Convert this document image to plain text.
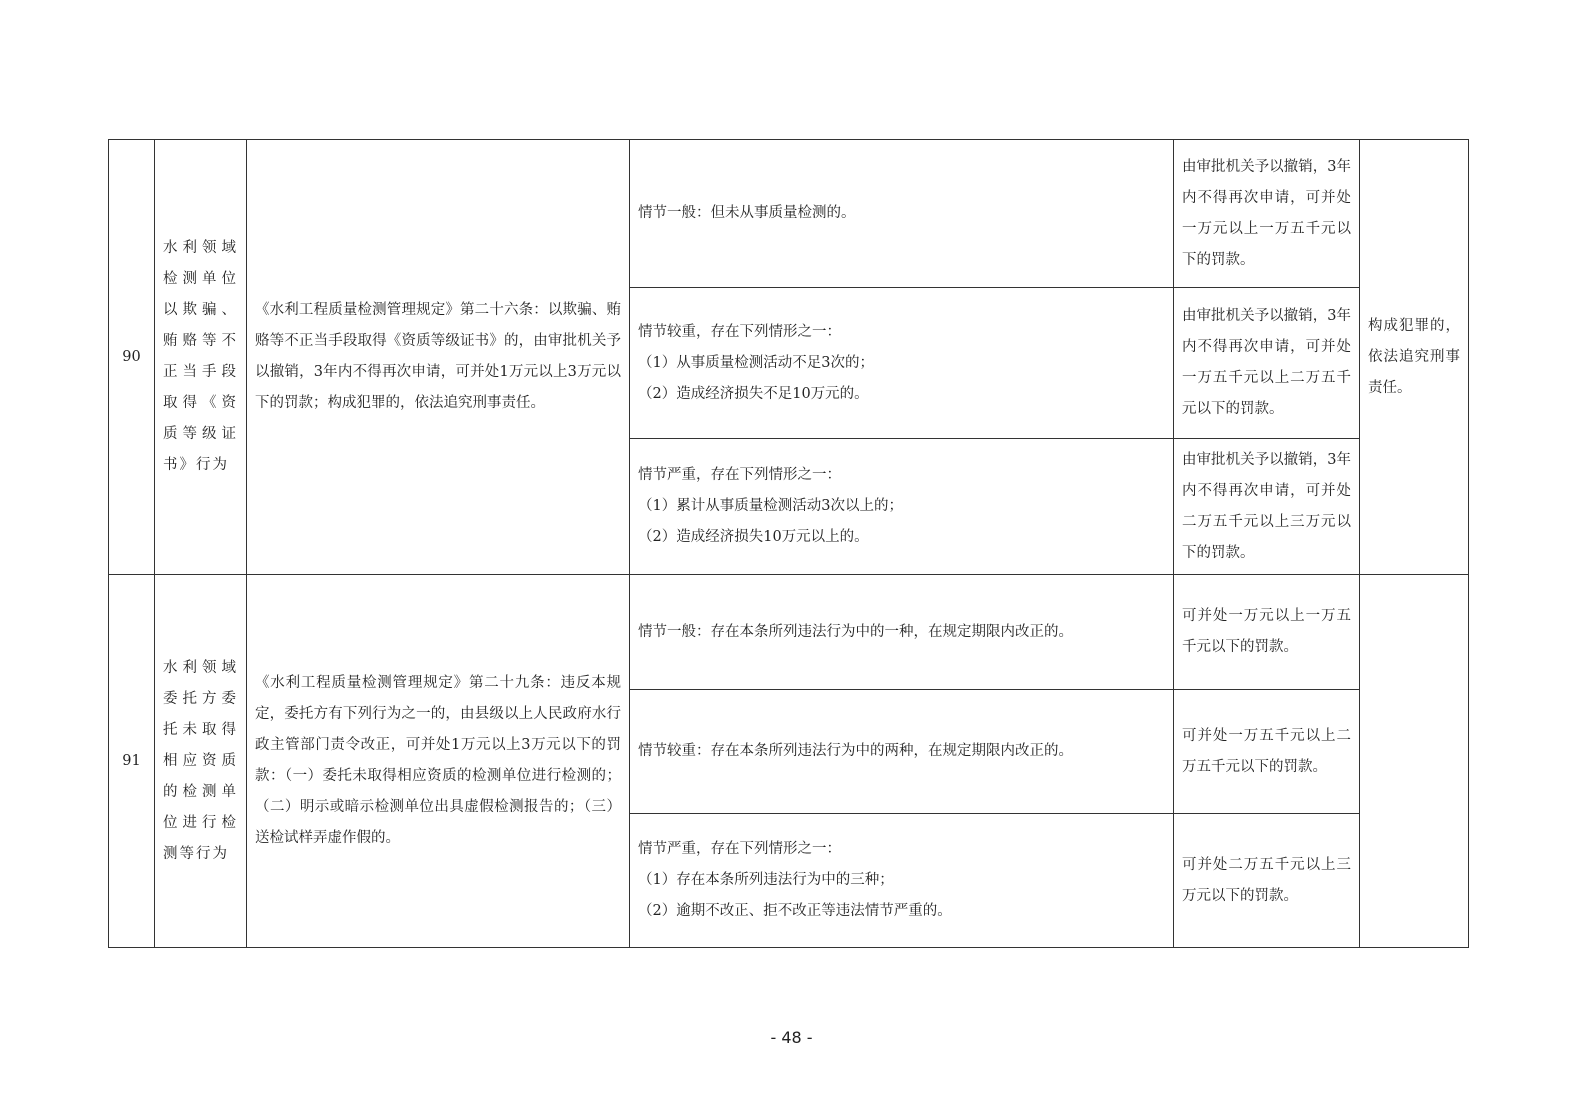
90	水利领域检测单位以欺骗、贿赂等不正当手段取得《资质等级证书》行为	《水利工程质量检测管理规定》第二十六条：以欺骗、贿赂等不正当手段取得《资质等级证书》的，由审批机关予以撤销，3年内不得再次申请，可并处1万元以上3万元以下的罚款；构成犯罪的，依法追究刑事责任。	情节一般：但未从事质量检测的。	由审批机关予以撤销，3年内不得再次申请，可并处一万元以上一万五千元以下的罚款。	构成犯罪的，依法追究刑事责任。

			情节较重，存在下列情形之一：
（1）从事质量检测活动不足3次的；
（2）造成经济损失不足10万元的。	由审批机关予以撤销，3年内不得再次申请，可并处一万五千元以上二万五千元以下的罚款。	

			情节严重，存在下列情形之一：
（1）累计从事质量检测活动3次以上的；
（2）造成经济损失10万元以上的。	由审批机关予以撤销，3年内不得再次申请，可并处二万五千元以上三万元以下的罚款。	
91	水利领域委托方委托未取得相应资质的检测单位进行检测等行为	《水利工程质量检测管理规定》第二十九条：违反本规定，委托方有下列行为之一的，由县级以上人民政府水行政主管部门责令改正，可并处1万元以上3万元以下的罚款：（一）委托未取得相应资质的检测单位进行检测的；（二）明示或暗示检测单位出具虚假检测报告的；（三）送检试样弄虚作假的。	情节一般：存在本条所列违法行为中的一种，在规定期限内改正的。	可并处一万元以上一万五千元以下的罚款。	

			情节较重：存在本条所列违法行为中的两种，在规定期限内改正的。	可并处一万五千元以上二万五千元以下的罚款。	

			情节严重，存在下列情形之一：
（1）存在本条所列违法行为中的三种；
（2）逾期不改正、拒不改正等违法情节严重的。	可并处二万五千元以上三万元以下的罚款。	
- 48 -
